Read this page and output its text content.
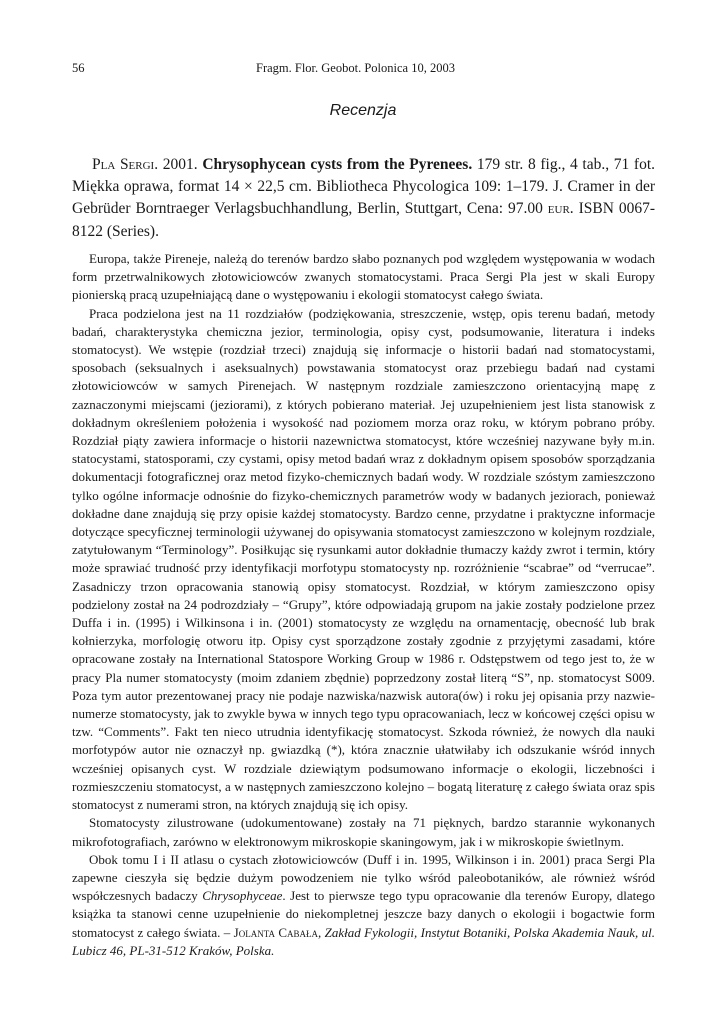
56	Fragm. Flor. Geobot. Polonica 10, 2003
Recenzja
Pla Sergi. 2001. Chrysophycean cysts from the Pyrenees. 179 str. 8 fig., 4 tab., 71 fot. Miękka oprawa, format 14 × 22,5 cm. Bibliotheca Phycologica 109: 1–179. J. Cramer in der Gebrüder Borntraeger Verlagsbuchhandlung, Berlin, Stuttgart, Cena: 97.00 eur. ISBN 0067-8122 (Series).

Europa, także Pireneje, należą do terenów bardzo słabo poznanych pod względem występowania w wodach form przetrwalnikowych złotowiciowców zwanych stomatocystami. Praca Sergi Pla jest w skali Europy pionierską pracą uzupełniającą dane o występowaniu i ekologii stomatocyst całego świata.

Praca podzielona jest na 11 rozdziałów (podziękowania, streszczenie, wstęp, opis terenu badań, metody badań, charakterystyka chemiczna jezior, terminologia, opisy cyst, podsumowanie, literatura i indeks stomatocyst). We wstępie (rozdział trzeci) znajdują się informacje o historii badań nad stomatocystami, sposobach (seksualnych i aseksualnych) powstawania stomatocyst oraz przebiegu badań nad cystami złotowiciowców w samych Pirenejach. W następnym rozdziale zamieszczono orientacyjną mapę z zaznaczonymi miejscami (jeziorami), z których pobierano materiał. Jej uzupełnieniem jest lista stanowisk z dokładnym określeniem położenia i wysokość nad poziomem morza oraz roku, w którym pobrano próby. Rozdział piąty zawiera informacje o historii nazewnictwa stomatocyst, które wcześniej nazywane były m.in. statocystami, statosporami, czy cystami, opisy metod badań wraz z dokładnym opisem sposobów sporządzania dokumentacji fotograficznej oraz metod fizyko-chemicznych badań wody. W rozdziale szóstym zamieszczono tylko ogólne informacje odnośnie do fizyko-chemicznych parametrów wody w badanych jeziorach, ponieważ dokładne dane znajdują się przy opisie każdej stomatocysty. Bardzo cenne, przydatne i praktyczne informacje dotyczące specyficznej terminologii używanej do opisywania stomatocyst zamieszczono w kolejnym rozdziale, zatytułowanym “Terminology”. Posiłkując się rysunkami autor dokładnie tłumaczy każdy zwrot i termin, który może sprawiać trudność przy identyfikacji morfotypu stomatocysty np. rozróżnienie “scabrae” od “verrucae”. Zasadniczy trzon opracowania stanowią opisy stomatocyst. Rozdział, w którym zamieszczono opisy podzielony został na 24 podrozdziały – “Grupy”, które odpowiadają grupom na jakie zostały podzielone przez Duffa i in. (1995) i Wilkinsona i in. (2001) stomatocysty ze względu na ornamentację, obecność lub brak kołnierzyka, morfologię otworu itp. Opisy cyst sporządzone zostały zgodnie z przyjętymi zasadami, które opracowane zostały na International Statospore Working Group w 1986 r. Odstępstwem od tego jest to, że w pracy Pla numer stomatocysty (moim zdaniem zbędnie) poprzedzony został literą “S”, np. stomatocyst S009. Poza tym autor prezentowanej pracy nie podaje nazwiska/nazwisk autora(ów) i roku jej opisania przy nazwie-numerze stomatocysty, jak to zwykle bywa w innych tego typu opracowaniach, lecz w końcowej części opisu w tzw. “Comments”. Fakt ten nieco utrudnia identyfikację stomatocyst. Szkoda również, że nowych dla nauki morfotypów autor nie oznaczył np. gwiazdką (*), która znacznie ułatwiłaby ich odszukanie wśród innych wcześniej opisanych cyst. W rozdziale dziewiątym podsumowano informacje o ekologii, liczebności i rozmieszczeniu stomatocyst, a w następnych zamieszczono kolejno – bogatą literaturę z całego świata oraz spis stomatocyst z numerami stron, na których znajdują się ich opisy.

Stomatocysty zilustrowane (udokumentowane) zostały na 71 pięknych, bardzo starannie wykonanych mikrofotografiach, zarówno w elektronowym mikroskopie skaningowym, jak i w mikroskopie świetlnym.

Obok tomu I i II atlasu o cystach złotowiciowców (Duff i in. 1995, Wilkinson i in. 2001) praca Sergi Pla zapewne cieszyła się będzie dużym powodzeniem nie tylko wśród paleobotaników, ale również wśród współczesnych badaczy Chrysophyceae. Jest to pierwsze tego typu opracowanie dla terenów Europy, dlatego książka ta stanowi cenne uzupełnienie do niekompletnej jeszcze bazy danych o ekologii i bogactwie form stomatocyst z całego świata. – Jolanta Cabała, Zakład Fykologii, Instytut Botaniki, Polska Akademia Nauk, ul. Lubicz 46, PL-31-512 Kraków, Polska.
